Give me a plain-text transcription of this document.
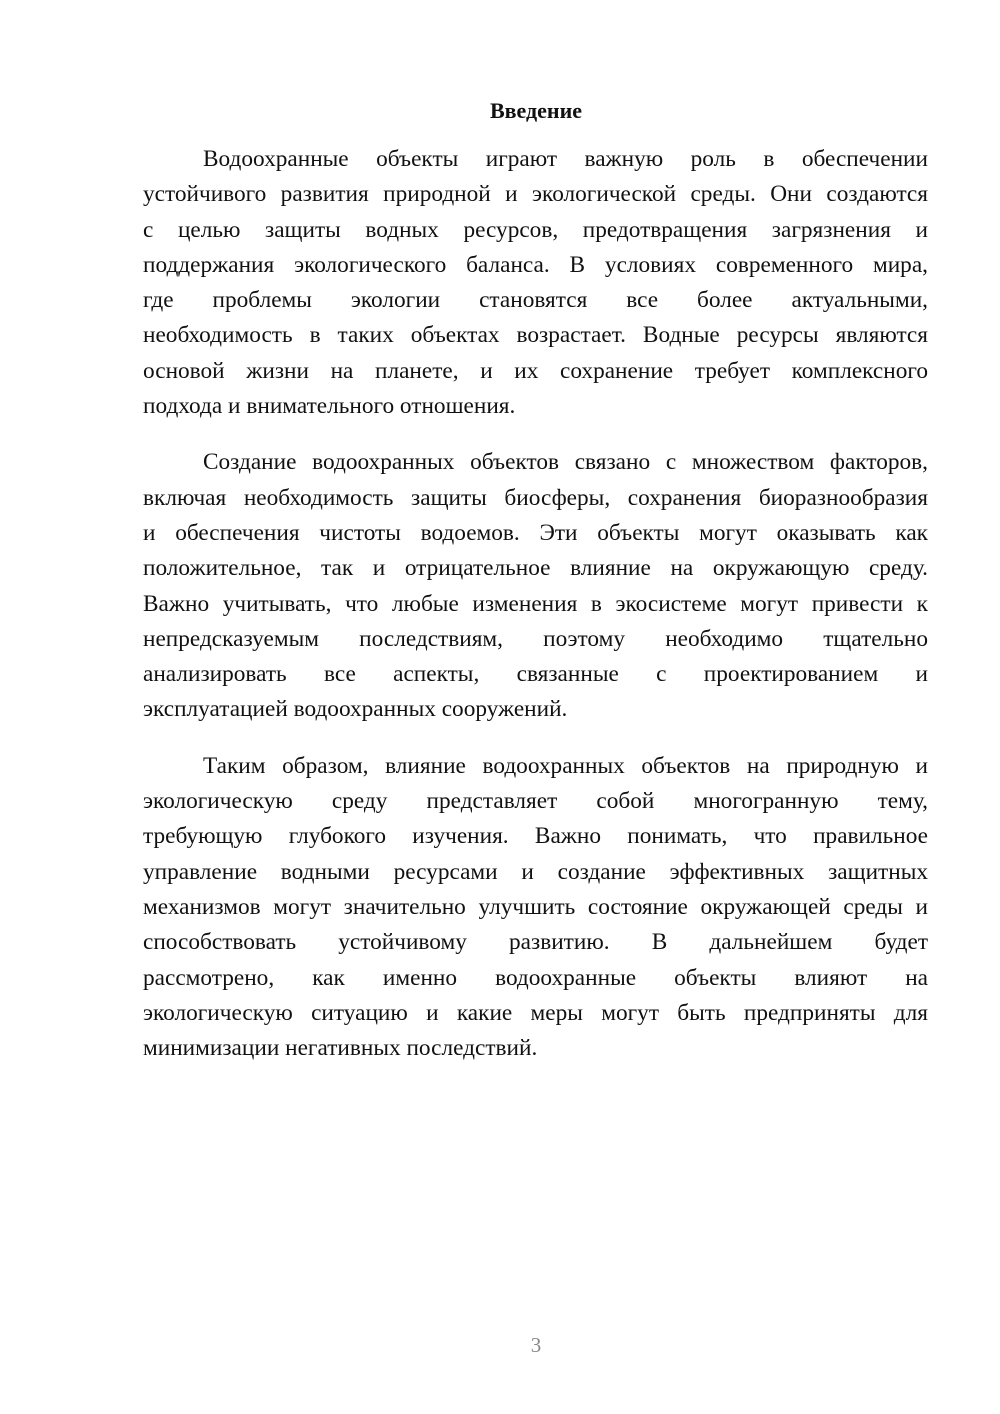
Введение
Водоохранные объекты играют важную роль в обеспечении
устойчивого развития природной и экологической среды. Они создаются
с целью защиты водных ресурсов, предотвращения загрязнения и
поддержания экологического баланса. В условиях современного мира,
где проблемы экологии становятся все более актуальными,
необходимость в таких объектах возрастает. Водные ресурсы являются
основой жизни на планете, и их сохранение требует комплексного
подхода и внимательного отношения.
Создание водоохранных объектов связано с множеством факторов,
включая необходимость защиты биосферы, сохранения биоразнообразия
и обеспечения чистоты водоемов. Эти объекты могут оказывать как
положительное, так и отрицательное влияние на окружающую среду.
Важно учитывать, что любые изменения в экосистеме могут привести к
непредсказуемым последствиям, поэтому необходимо тщательно
анализировать все аспекты, связанные с проектированием и
эксплуатацией водоохранных сооружений.
Таким образом, влияние водоохранных объектов на природную и
экологическую среду представляет собой многогранную тему,
требующую глубокого изучения. Важно понимать, что правильное
управление водными ресурсами и создание эффективных защитных
механизмов могут значительно улучшить состояние окружающей среды и
способствовать устойчивому развитию. В дальнейшем будет
рассмотрено, как именно водоохранные объекты влияют на
экологическую ситуацию и какие меры могут быть предприняты для
минимизации негативных последствий.
3
